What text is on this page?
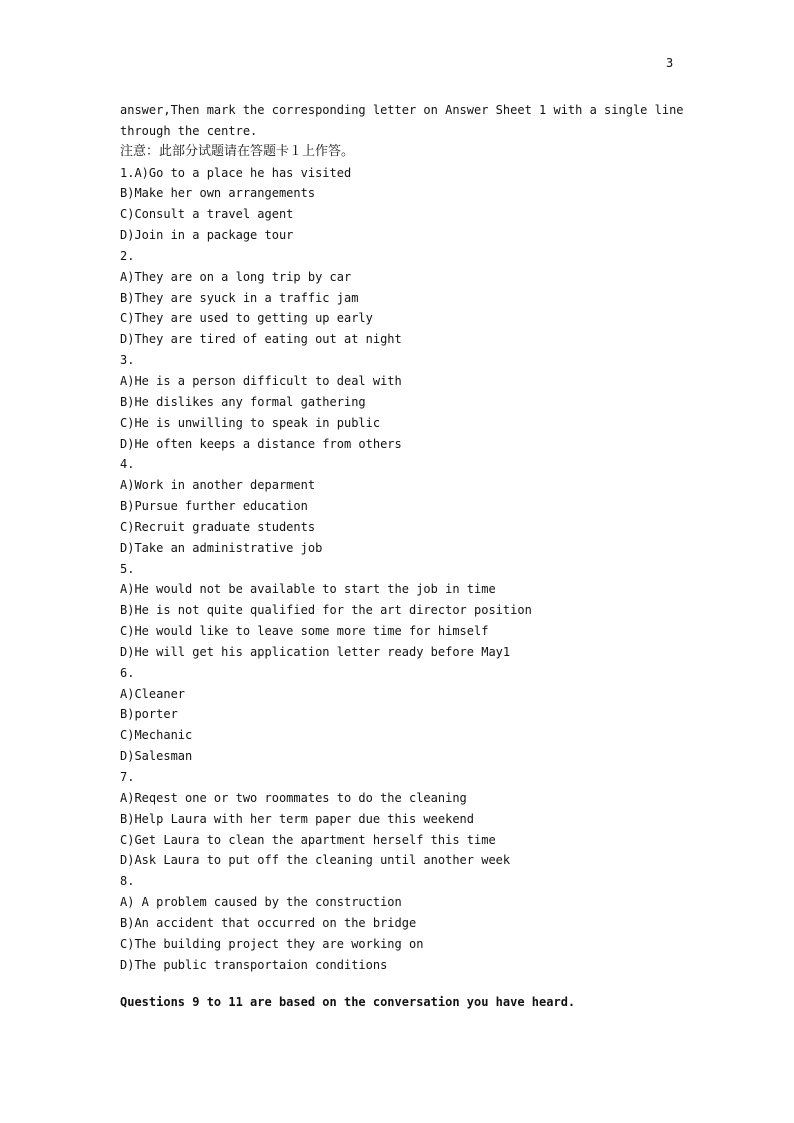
3
answer,Then mark the corresponding letter on Answer Sheet 1 with a single line
through the centre.
注意：此部分试题请在答题卡１上作答。
1.A)Go to a place he has visited
B)Make her own arrangements
C)Consult a travel agent
D)Join in a package tour
2.
A)They are on a long trip by car
B)They are syuck in a traffic jam
C)They are used to getting up early
D)They are tired of eating out at night
3.
A)He is a person difficult to deal with
B)He dislikes any formal gathering
C)He is unwilling to speak in public
D)He often keeps a distance from others
4.
A)Work in another deparment
B)Pursue further education
C)Recruit graduate students
D)Take an administrative job
5.
A)He would not be available to start the job in time
B)He is not quite qualified for the art director position
C)He would like to leave some more time for himself
D)He will get his application letter ready before May1
6.
A)Cleaner
B)porter
C)Mechanic
D)Salesman
7.
A)Reqest one or two roommates to do the cleaning
B)Help Laura with her term paper due this weekend
C)Get Laura to clean the apartment herself this time
D)Ask Laura to put off the cleaning until another week
8.
A) A problem caused by the construction
B)An accident that occurred on the bridge
C)The building project they are working on
D)The public transportaion conditions
Questions 9 to 11 are based on the conversation you have heard.
